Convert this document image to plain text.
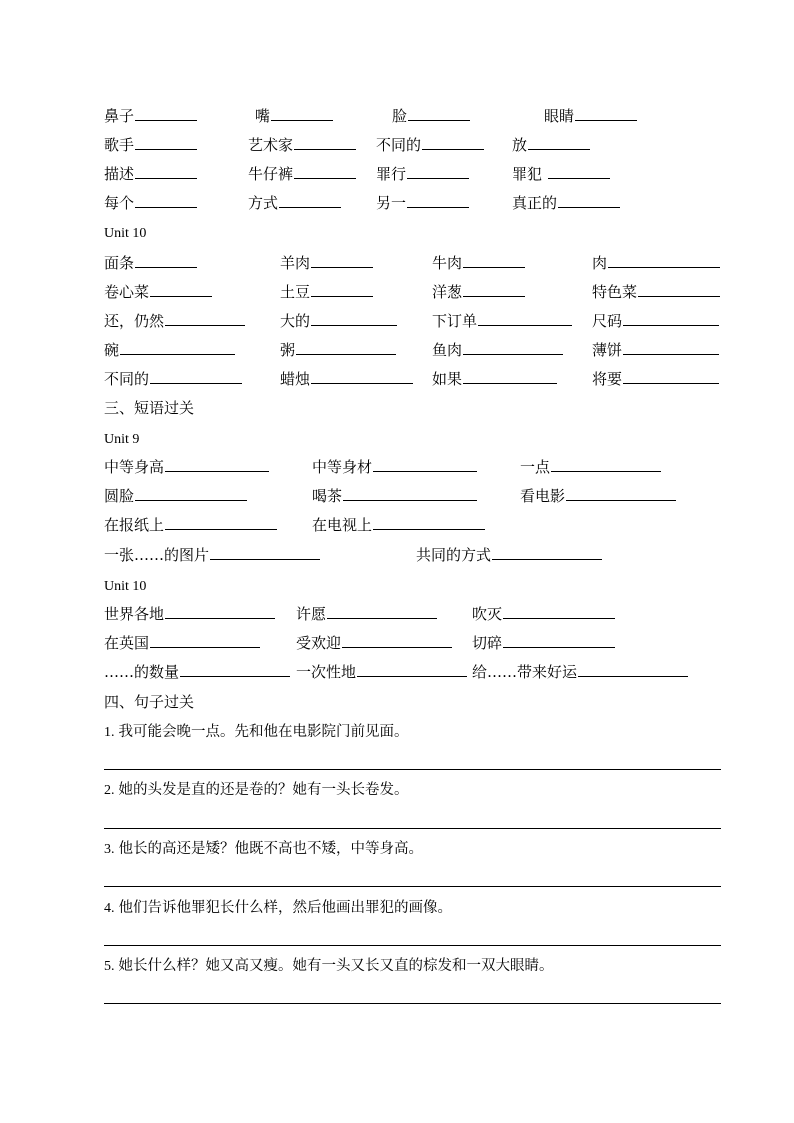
鼻子	嘴	脸	眼睛
歌手	艺术家	不同的	放
描述	牛仔裤	罪行	罪犯
每个	方式	另一	真正的
Unit 10
面条	羊肉	牛肉	肉
卷心菜	土豆	洋葱	特色菜
还，仍然	大的	下订单	尺码
碗	粥	鱼肉	薄饼
不同的	蜡烛	如果	将要
三、短语过关
Unit 9
中等身高	中等身材	一点
圆脸	喝茶	看电影
在报纸上	在电视上
一张……的图片	共同的方式
Unit 10
世界各地	许愿	吹灭
在英国	受欢迎	切碎
……的数量	一次性地	给……带来好运
四、句子过关
1. 我可能会晚一点。先和他在电影院门前见面。
2. 她的头发是直的还是卷的？她有一头长卷发。
3. 他长的高还是矮？他既不高也不矮，中等身高。
4. 他们告诉他罪犯长什么样，然后他画出罪犯的画像。
5. 她长什么样？她又高又瘦。她有一头又长又直的棕发和一双大眼睛。
